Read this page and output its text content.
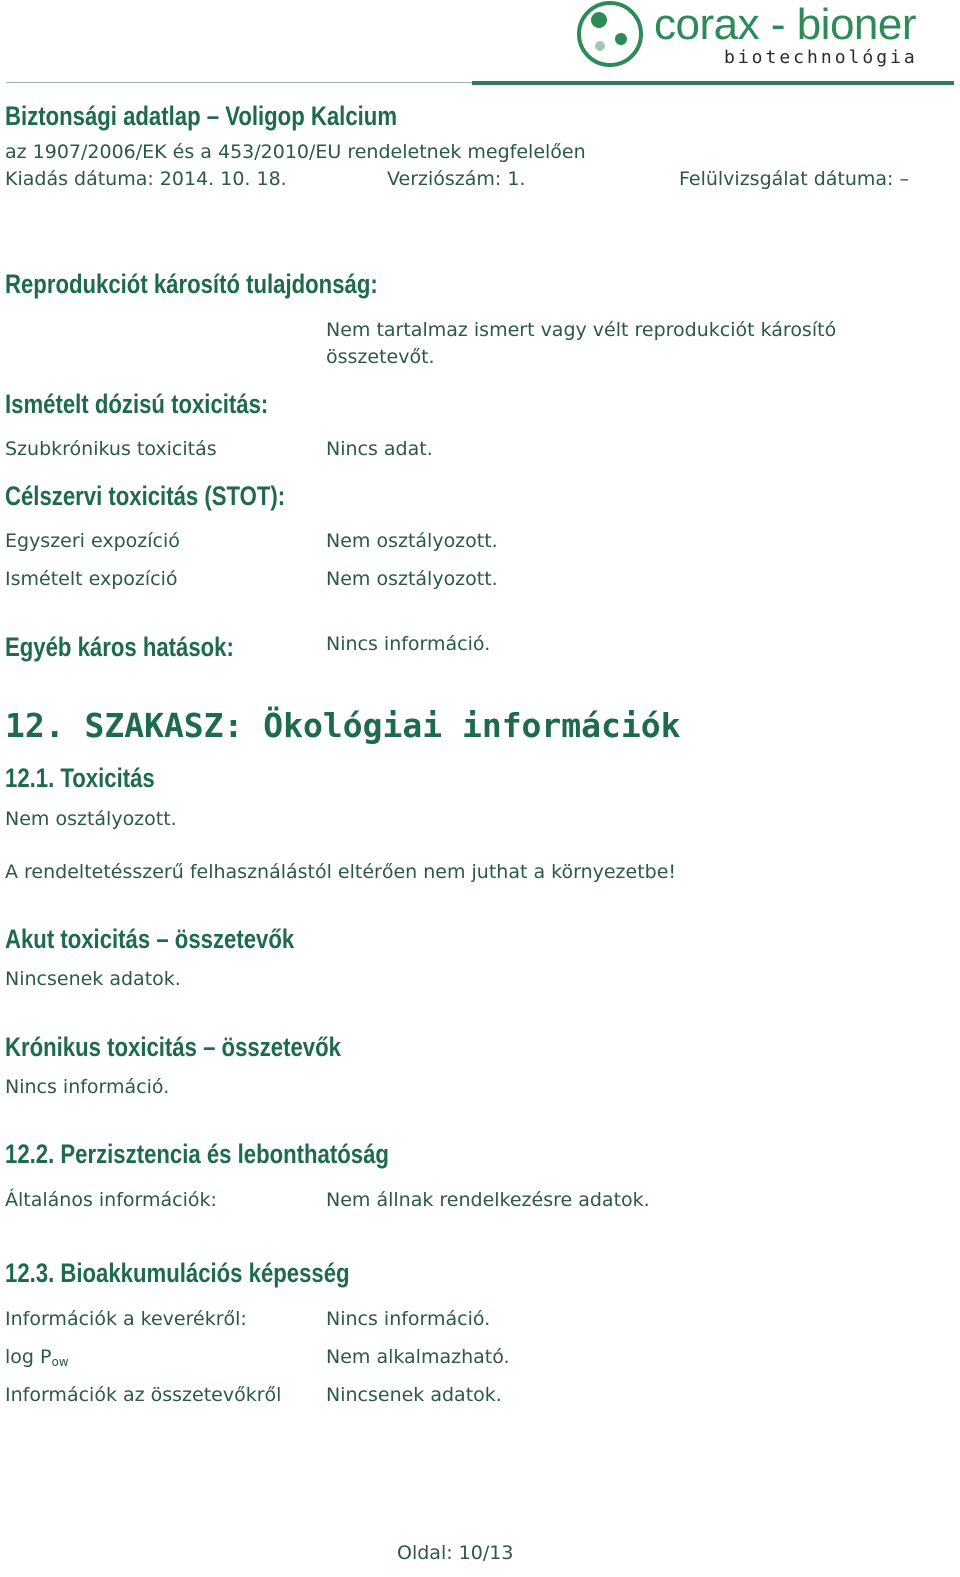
corax - bioner
biotechnológia
Biztonsági adatlap – Voligop Kalcium
az 1907/2006/EK és a 453/2010/EU rendeletnek megfelelően
Kiadás dátuma: 2014. 10. 18.	Verziószám: 1.	Felülvizsgálat dátuma: –
Reprodukciót károsító tulajdonság:
Nem tartalmaz ismert vagy vélt reprodukciót károsító
összetevőt.
Ismételt dózisú toxicitás:
Szubkrónikus toxicitás	Nincs adat.
Célszervi toxicitás (STOT):
Egyszeri expozíció	Nem osztályozott.
Ismételt expozíció	Nem osztályozott.
Egyéb káros hatások:	Nincs információ.
12. SZAKASZ: Ökológiai információk
12.1. Toxicitás
Nem osztályozott.
A rendeltetésszerű felhasználástól eltérően nem juthat a környezetbe!
Akut toxicitás – összetevők
Nincsenek adatok.
Krónikus toxicitás – összetevők
Nincs információ.
12.2. Perzisztencia és lebonthatóság
Általános információk:	Nem állnak rendelkezésre adatok.
12.3. Bioakkumulációs képesség
Információk a keverékről:	Nincs információ.
log Pow	Nem alkalmazható.
Információk az összetevőkről Nincsenek adatok.
Oldal: 10/13
